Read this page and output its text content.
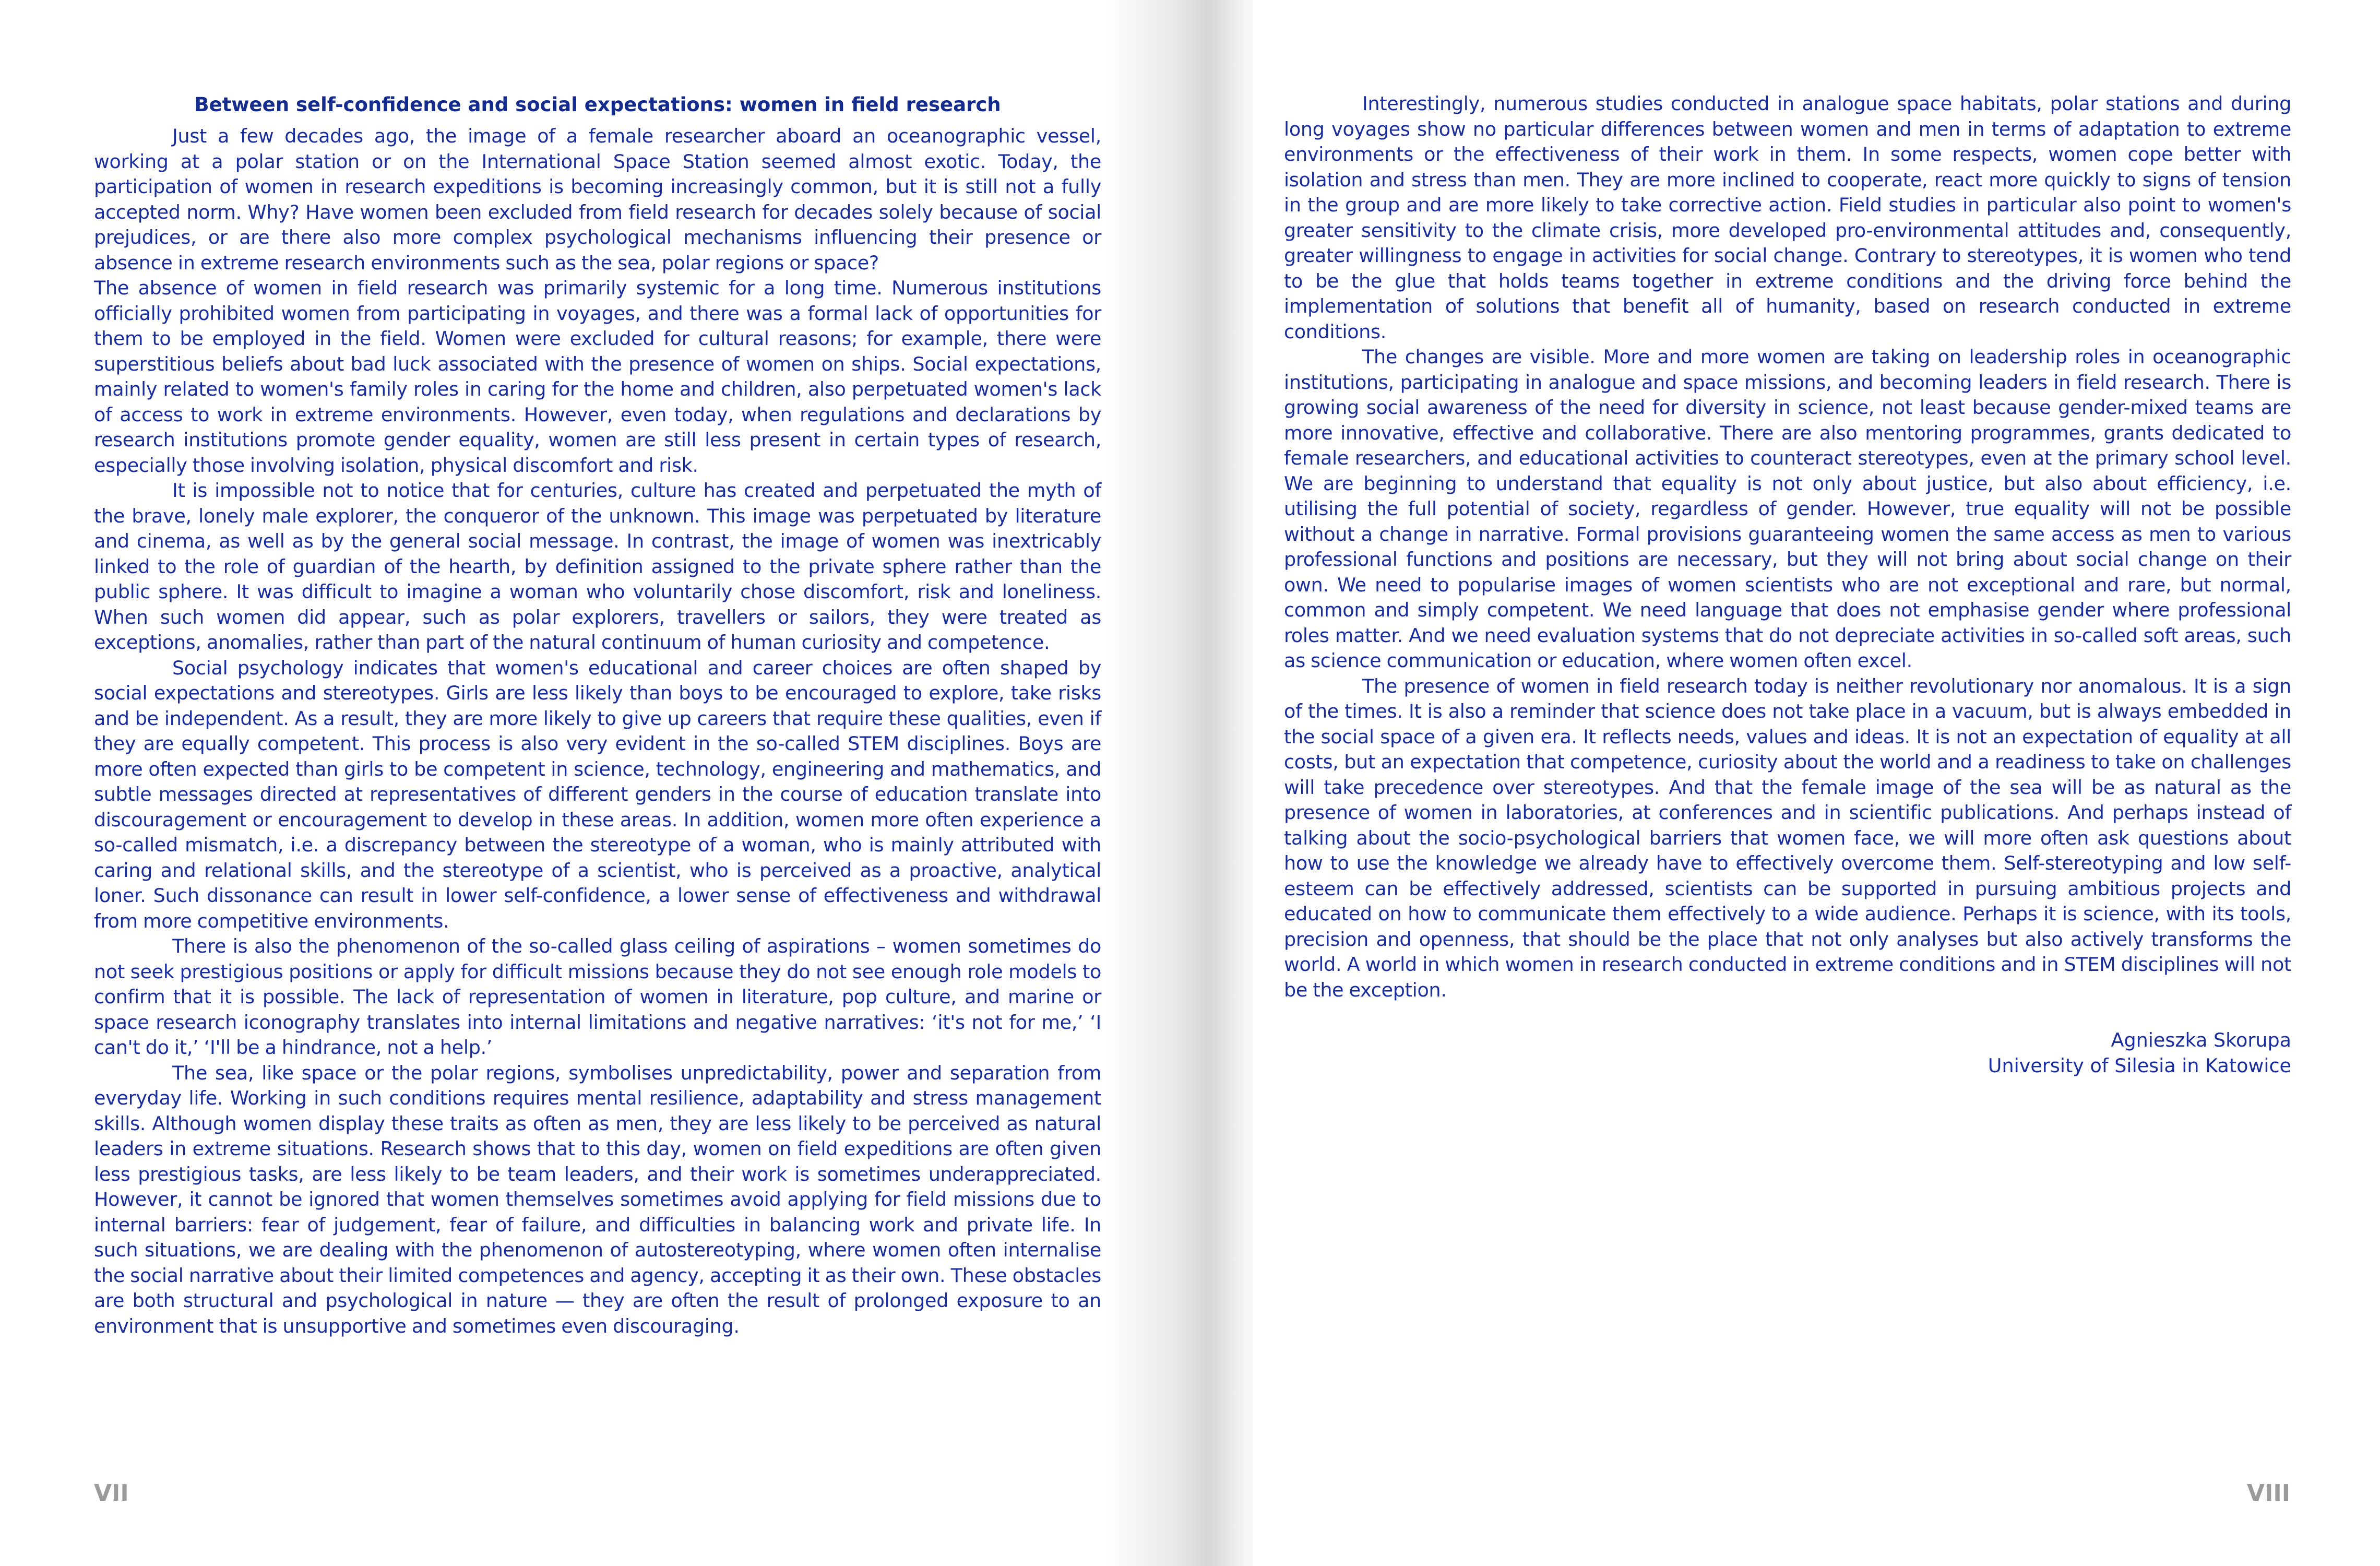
Between self-confidence and social expectations: women in field research

Just a few decades ago, the image of a female researcher aboard an oceanographic vessel, working at a polar station or on the International Space Station seemed almost exotic. Today, the participation of women in research expeditions is becoming increasingly common, but it is still not a fully accepted norm. Why? Have women been excluded from field research for decades solely because of social prejudices, or are there also more complex psychological mechanisms influencing their presence or absence in extreme research environments such as the sea, polar regions or space?

The absence of women in field research was primarily systemic for a long time. Numerous institutions officially prohibited women from participating in voyages, and there was a formal lack of opportunities for them to be employed in the field. Women were excluded for cultural reasons; for example, there were superstitious beliefs about bad luck associated with the presence of women on ships. Social expectations, mainly related to women's family roles in caring for the home and children, also perpetuated women's lack of access to work in extreme environments. However, even today, when regulations and declarations by research institutions promote gender equality, women are still less present in certain types of research, especially those involving isolation, physical discomfort and risk.

It is impossible not to notice that for centuries, culture has created and perpetuated the myth of the brave, lonely male explorer, the conqueror of the unknown. This image was perpetuated by literature and cinema, as well as by the general social message. In contrast, the image of women was inextricably linked to the role of guardian of the hearth, by definition assigned to the private sphere rather than the public sphere. It was difficult to imagine a woman who voluntarily chose discomfort, risk and loneliness. When such women did appear, such as polar explorers, travellers or sailors, they were treated as exceptions, anomalies, rather than part of the natural continuum of human curiosity and competence.

Social psychology indicates that women's educational and career choices are often shaped by social expectations and stereotypes. Girls are less likely than boys to be encouraged to explore, take risks and be independent. As a result, they are more likely to give up careers that require these qualities, even if they are equally competent. This process is also very evident in the so-called STEM disciplines. Boys are more often expected than girls to be competent in science, technology, engineering and mathematics, and subtle messages directed at representatives of different genders in the course of education translate into discouragement or encouragement to develop in these areas. In addition, women more often experience a so-called mismatch, i.e. a discrepancy between the stereotype of a woman, who is mainly attributed with caring and relational skills, and the stereotype of a scientist, who is perceived as a proactive, analytical loner. Such dissonance can result in lower self-confidence, a lower sense of effectiveness and withdrawal from more competitive environments.

There is also the phenomenon of the so-called glass ceiling of aspirations – women sometimes do not seek prestigious positions or apply for difficult missions because they do not see enough role models to confirm that it is possible. The lack of representation of women in literature, pop culture, and marine or space research iconography translates into internal limitations and negative narratives: ‘it's not for me,’ ‘I can't do it,’ ‘I'll be a hindrance, not a help.’

The sea, like space or the polar regions, symbolises unpredictability, power and separation from everyday life. Working in such conditions requires mental resilience, adaptability and stress management skills. Although women display these traits as often as men, they are less likely to be perceived as natural leaders in extreme situations. Research shows that to this day, women on field expeditions are often given less prestigious tasks, are less likely to be team leaders, and their work is sometimes underappreciated. However, it cannot be ignored that women themselves sometimes avoid applying for field missions due to internal barriers: fear of judgement, fear of failure, and difficulties in balancing work and private life. In such situations, we are dealing with the phenomenon of autostereotyping, where women often internalise the social narrative about their limited competences and agency, accepting it as their own. These obstacles are both structural and psychological in nature — they are often the result of prolonged exposure to an environment that is unsupportive and sometimes even discouraging.

VII

Interestingly, numerous studies conducted in analogue space habitats, polar stations and during long voyages show no particular differences between women and men in terms of adaptation to extreme environments or the effectiveness of their work in them. In some respects, women cope better with isolation and stress than men. They are more inclined to cooperate, react more quickly to signs of tension in the group and are more likely to take corrective action. Field studies in particular also point to women's greater sensitivity to the climate crisis, more developed pro-environmental attitudes and, consequently, greater willingness to engage in activities for social change. Contrary to stereotypes, it is women who tend to be the glue that holds teams together in extreme conditions and the driving force behind the implementation of solutions that benefit all of humanity, based on research conducted in extreme conditions.

The changes are visible. More and more women are taking on leadership roles in oceanographic institutions, participating in analogue and space missions, and becoming leaders in field research. There is growing social awareness of the need for diversity in science, not least because gender-mixed teams are more innovative, effective and collaborative. There are also mentoring programmes, grants dedicated to female researchers, and educational activities to counteract stereotypes, even at the primary school level. We are beginning to understand that equality is not only about justice, but also about efficiency, i.e. utilising the full potential of society, regardless of gender. However, true equality will not be possible without a change in narrative. Formal provisions guaranteeing women the same access as men to various professional functions and positions are necessary, but they will not bring about social change on their own. We need to popularise images of women scientists who are not exceptional and rare, but normal, common and simply competent. We need language that does not emphasise gender where professional roles matter. And we need evaluation systems that do not depreciate activities in so-called soft areas, such as science communication or education, where women often excel.

The presence of women in field research today is neither revolutionary nor anomalous. It is a sign of the times. It is also a reminder that science does not take place in a vacuum, but is always embedded in the social space of a given era. It reflects needs, values and ideas. It is not an expectation of equality at all costs, but an expectation that competence, curiosity about the world and a readiness to take on challenges will take precedence over stereotypes. And that the female image of the sea will be as natural as the presence of women in laboratories, at conferences and in scientific publications. And perhaps instead of talking about the socio-psychological barriers that women face, we will more often ask questions about how to use the knowledge we already have to effectively overcome them. Self-stereotyping and low self-esteem can be effectively addressed, scientists can be supported in pursuing ambitious projects and educated on how to communicate them effectively to a wide audience. Perhaps it is science, with its tools, precision and openness, that should be the place that not only analyses but also actively transforms the world. A world in which women in research conducted in extreme conditions and in STEM disciplines will not be the exception.

Agnieszka Skorupa
University of Silesia in Katowice
VIII
